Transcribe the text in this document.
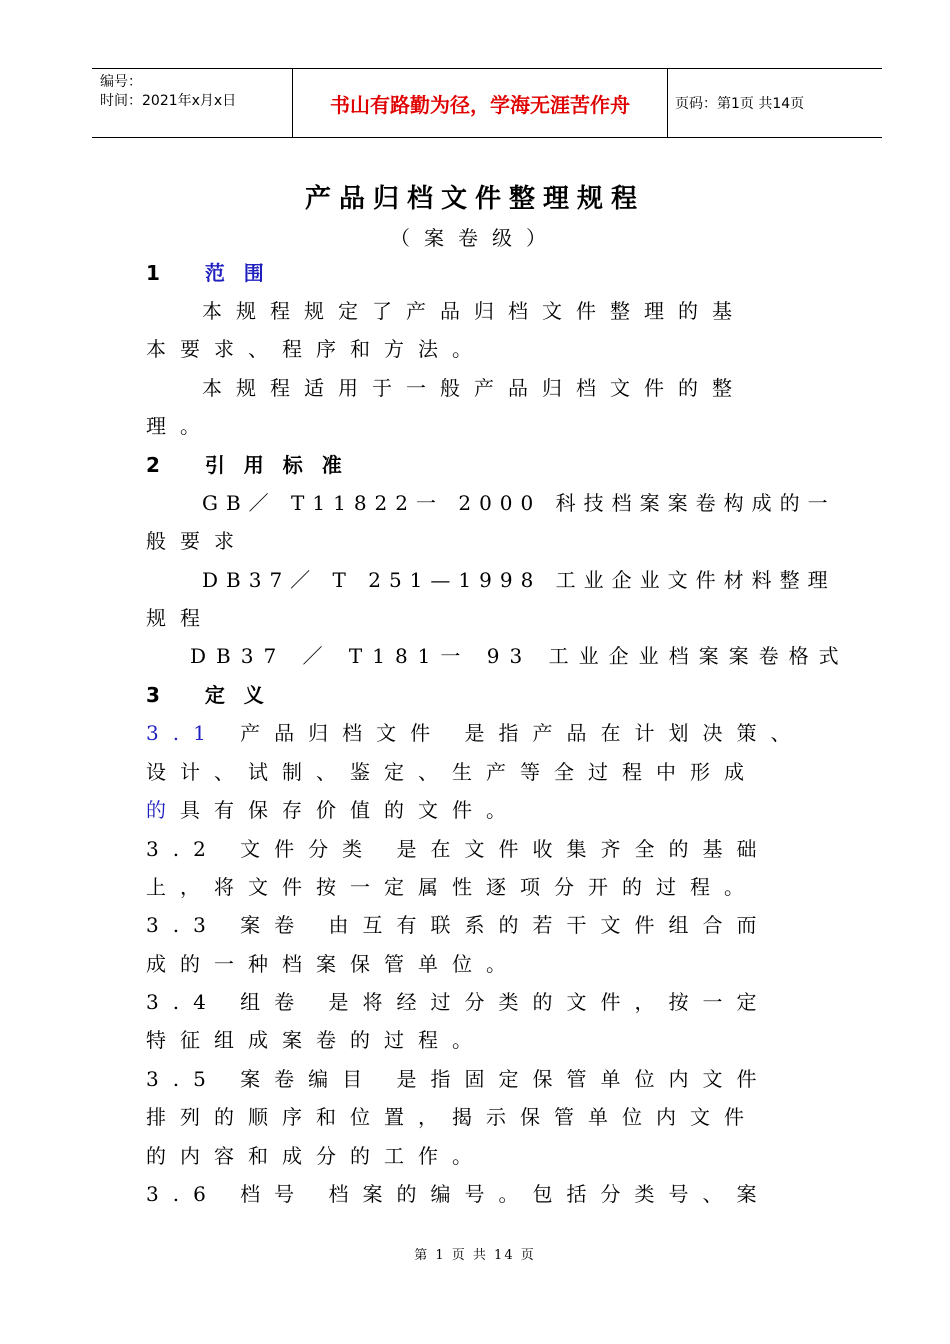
编号：
时间：2021年x月x日	书山有路勤为径，学海无涯苦作舟	页码：第1页 共14页
产品归档文件整理规程
（案卷级）
1 范 围
本规程规定了产品归档文件整理的基
本要求、程序和方法。
本规程适用于一般产品归档文件的整
理。
2 引 用 标 准
GB／ T11822一 2000 科技档案案卷构成的一
般要求
DB37／ T 251—1998 工业企业文件材料整理
规程
DB37 ／ T181一 93 工业企业档案案卷格式
3 定 义
3.1 产品归档文件 是指产品在计划决策、
设计、试制、鉴定、生产等全过程中形成
的具有保存价值的文件。
3.2 文件分类 是在文件收集齐全的基础
上，将文件按一定属性逐项分开的过程。
3.3 案卷 由互有联系的若干文件组合而
成的一种档案保管单位。
3.4 组卷 是将经过分类的文件，按一定
特征组成案卷的过程。
3.5 案卷编目 是指固定保管单位内文件
排列的顺序和位置，揭示保管单位内文件
的内容和成分的工作。
3.6 档号 档案的编号。包括分类号、案
第 1 页 共 14 页
